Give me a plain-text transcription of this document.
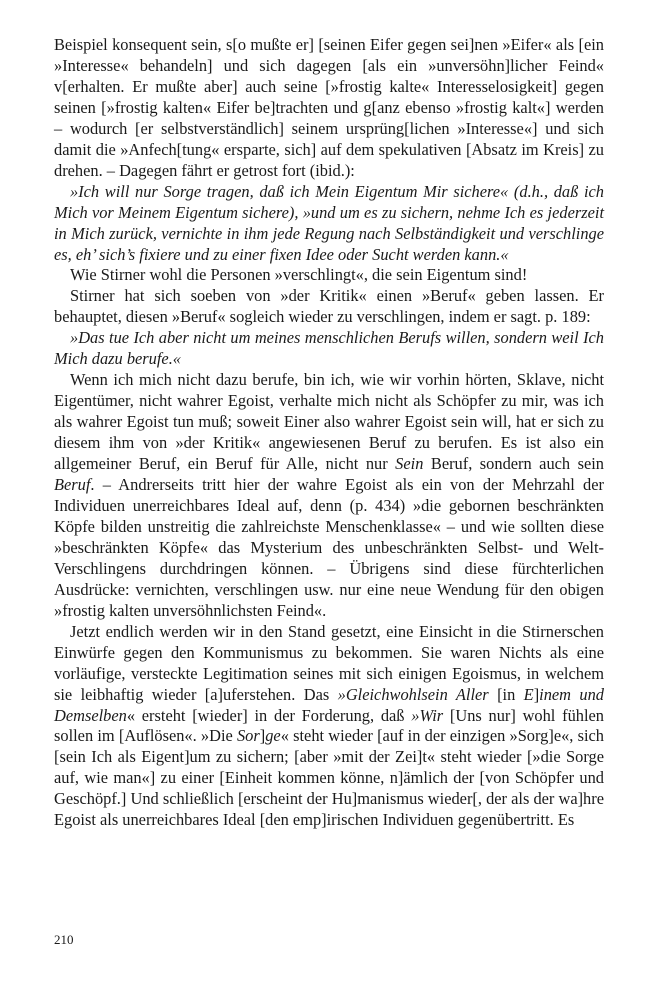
Beispiel konsequent sein, s[o mußte er] [seinen Eifer gegen sei]nen »Eifer« als [ein »Interesse« behandeln] und sich dagegen [als ein »unversöhn]licher Feind« v[erhalten. Er mußte aber] auch seine [»frostig kalte« Interesselosigkeit] gegen seinen [»frostig kalten« Eifer be]trachten und g[anz ebenso »frostig kalt«] werden – wodurch [er selbstverständlich] seinem ursprüng[lichen »Interesse«] und sich damit die »Anfech[tung« ersparte, sich] auf dem spekulativen [Absatz im Kreis] zu drehen. – Dagegen fährt er getrost fort (ibid.):

»Ich will nur Sorge tragen, daß ich Mein Eigentum Mir sichere« (d.h., daß ich Mich vor Meinem Eigentum sichere), »und um es zu sichern, nehme Ich es jederzeit in Mich zurück, vernichte in ihm jede Regung nach Selbständigkeit und verschlinge es, eh’ sich’s fixiere und zu einer fixen Idee oder Sucht werden kann.«

Wie Stirner wohl die Personen »verschlingt«, die sein Eigentum sind!

Stirner hat sich soeben von »der Kritik« einen »Beruf« geben lassen. Er behauptet, diesen »Beruf« sogleich wieder zu verschlingen, indem er sagt. p. 189:

»Das tue Ich aber nicht um meines menschlichen Berufs willen, sondern weil Ich Mich dazu berufe.«

Wenn ich mich nicht dazu berufe, bin ich, wie wir vorhin hörten, Sklave, nicht Eigentümer, nicht wahrer Egoist, verhalte mich nicht als Schöpfer zu mir, was ich als wahrer Egoist tun muß; soweit Einer also wahrer Egoist sein will, hat er sich zu diesem ihm von »der Kritik« angewiesenen Beruf zu berufen. Es ist also ein allgemeiner Beruf, ein Beruf für Alle, nicht nur Sein Beruf, sondern auch sein Beruf. – Andrerseits tritt hier der wahre Egoist als ein von der Mehrzahl der Individuen unerreichbares Ideal auf, denn (p. 434) »die gebornen beschränkten Köpfe bilden unstreitig die zahlreichste Menschenklasse« – und wie sollten diese »beschränkten Köpfe« das Mysterium des unbeschränkten Selbst- und Welt-Verschlingens durchdringen können. – Übrigens sind diese fürchterlichen Ausdrücke: vernichten, verschlingen usw. nur eine neue Wendung für den obigen »frostig kalten unversöhnlichsten Feind«.

Jetzt endlich werden wir in den Stand gesetzt, eine Einsicht in die Stirnerschen Einwürfe gegen den Kommunismus zu bekommen. Sie waren Nichts als eine vorläufige, versteckte Legitimation seines mit sich einigen Egoismus, in welchem sie leibhaftig wieder [a]uferstehen. Das »Gleichwohlsein Aller [in E]inem und Demselben« ersteht [wieder] in der Forderung, daß »Wir [Uns nur] wohl fühlen sollen im [Auflösen«. »Die Sor]ge« steht wieder [auf in der einzigen »Sorg]e«, sich [sein Ich als Eigent]um zu sichern; [aber »mit der Zei]t« steht wieder [»die Sorge auf, wie man«] zu einer [Einheit kommen könne, n]ämlich der [von Schöpfer und Geschöpf.] Und schließlich [erscheint der Hu]manismus wieder[, der als der wa]hre Egoist als unerreichbares Ideal [den emp]irischen Individuen gegenübertritt. Es

210
